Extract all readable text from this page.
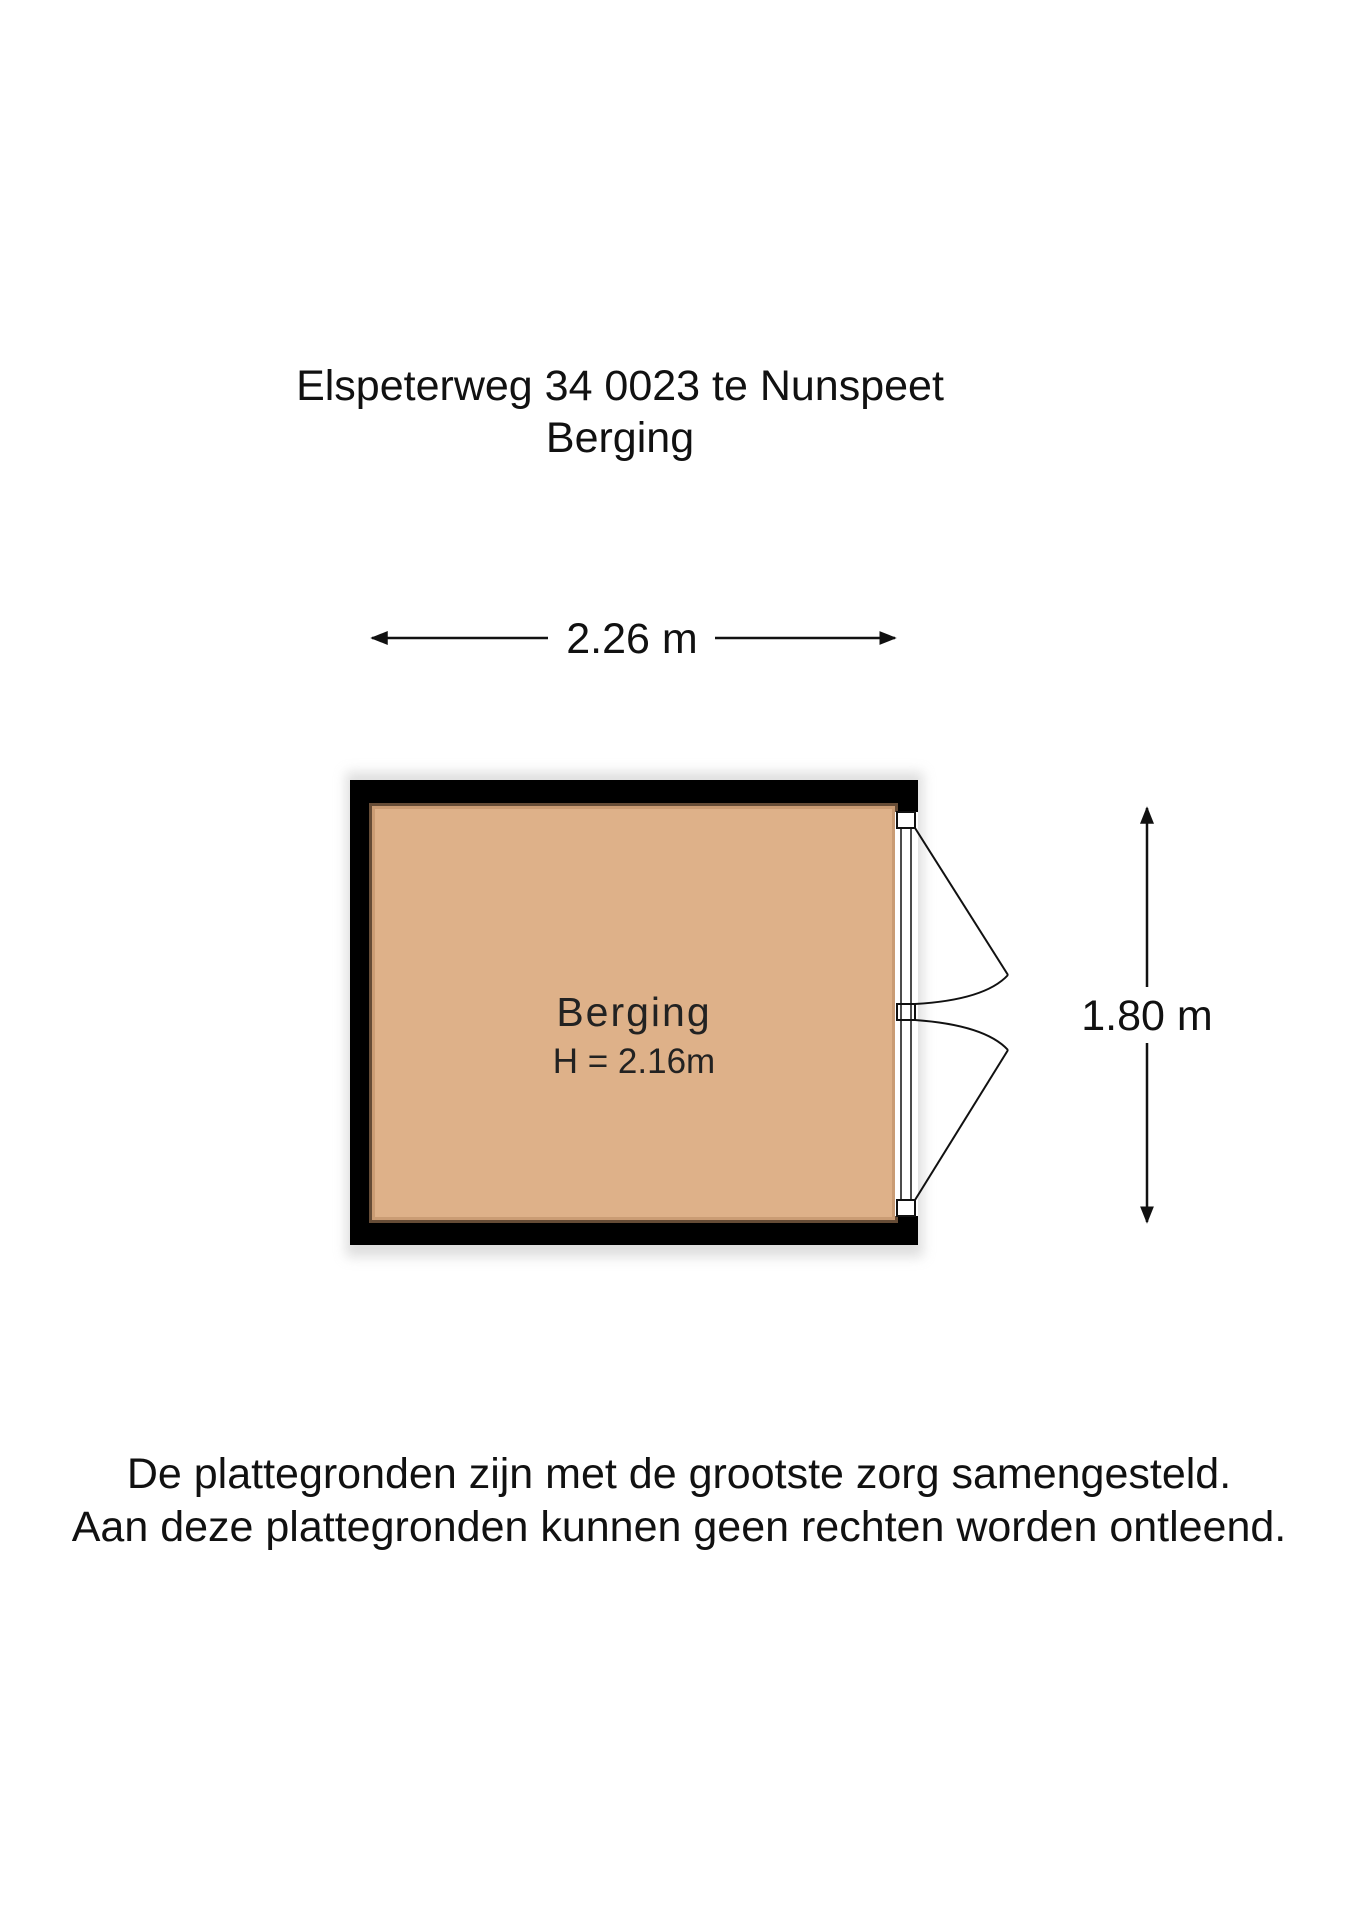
Elspeterweg 34 0023 te Nunspeet
Berging
2.26 m
1.80 m
Berging
H = 2.16m
De plattegronden zijn met de grootste zorg samengesteld.
Aan deze plattegronden kunnen geen rechten worden ontleend.
